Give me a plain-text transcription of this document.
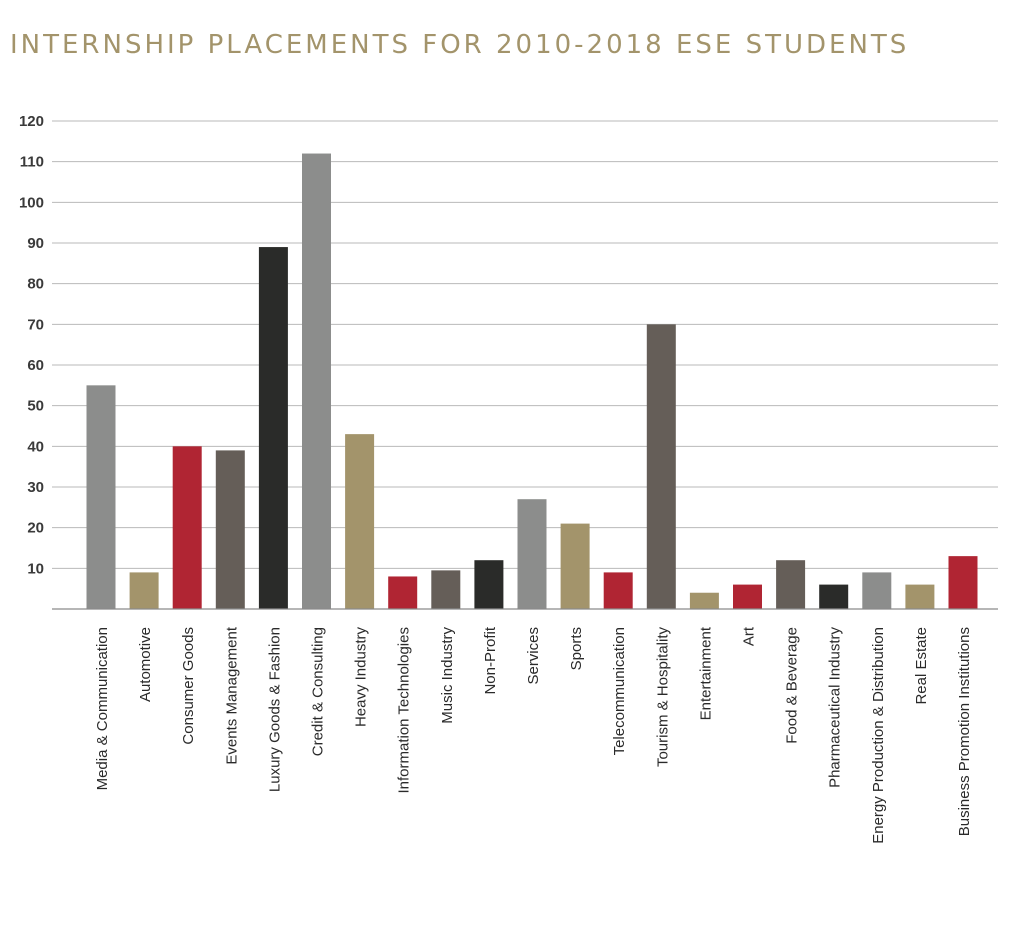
INTERNSHIP PLACEMENTS FOR 2010-2018 ESE STUDENTS
10
20
30
40
50
60
70
80
90
100
110
120
Media & Communication Automotive Consumer Goods Events Management Luxury Goods & Fashion Credit & Consulting Heavy Industry Information Technologies Music Industry Non-Profit Services Sports Telecommunication Tourism & Hospitality Entertainment Art Food & Beverage Pharmaceutical Industry Energy Production & Distribution Real Estate Business Promotion Institutions
